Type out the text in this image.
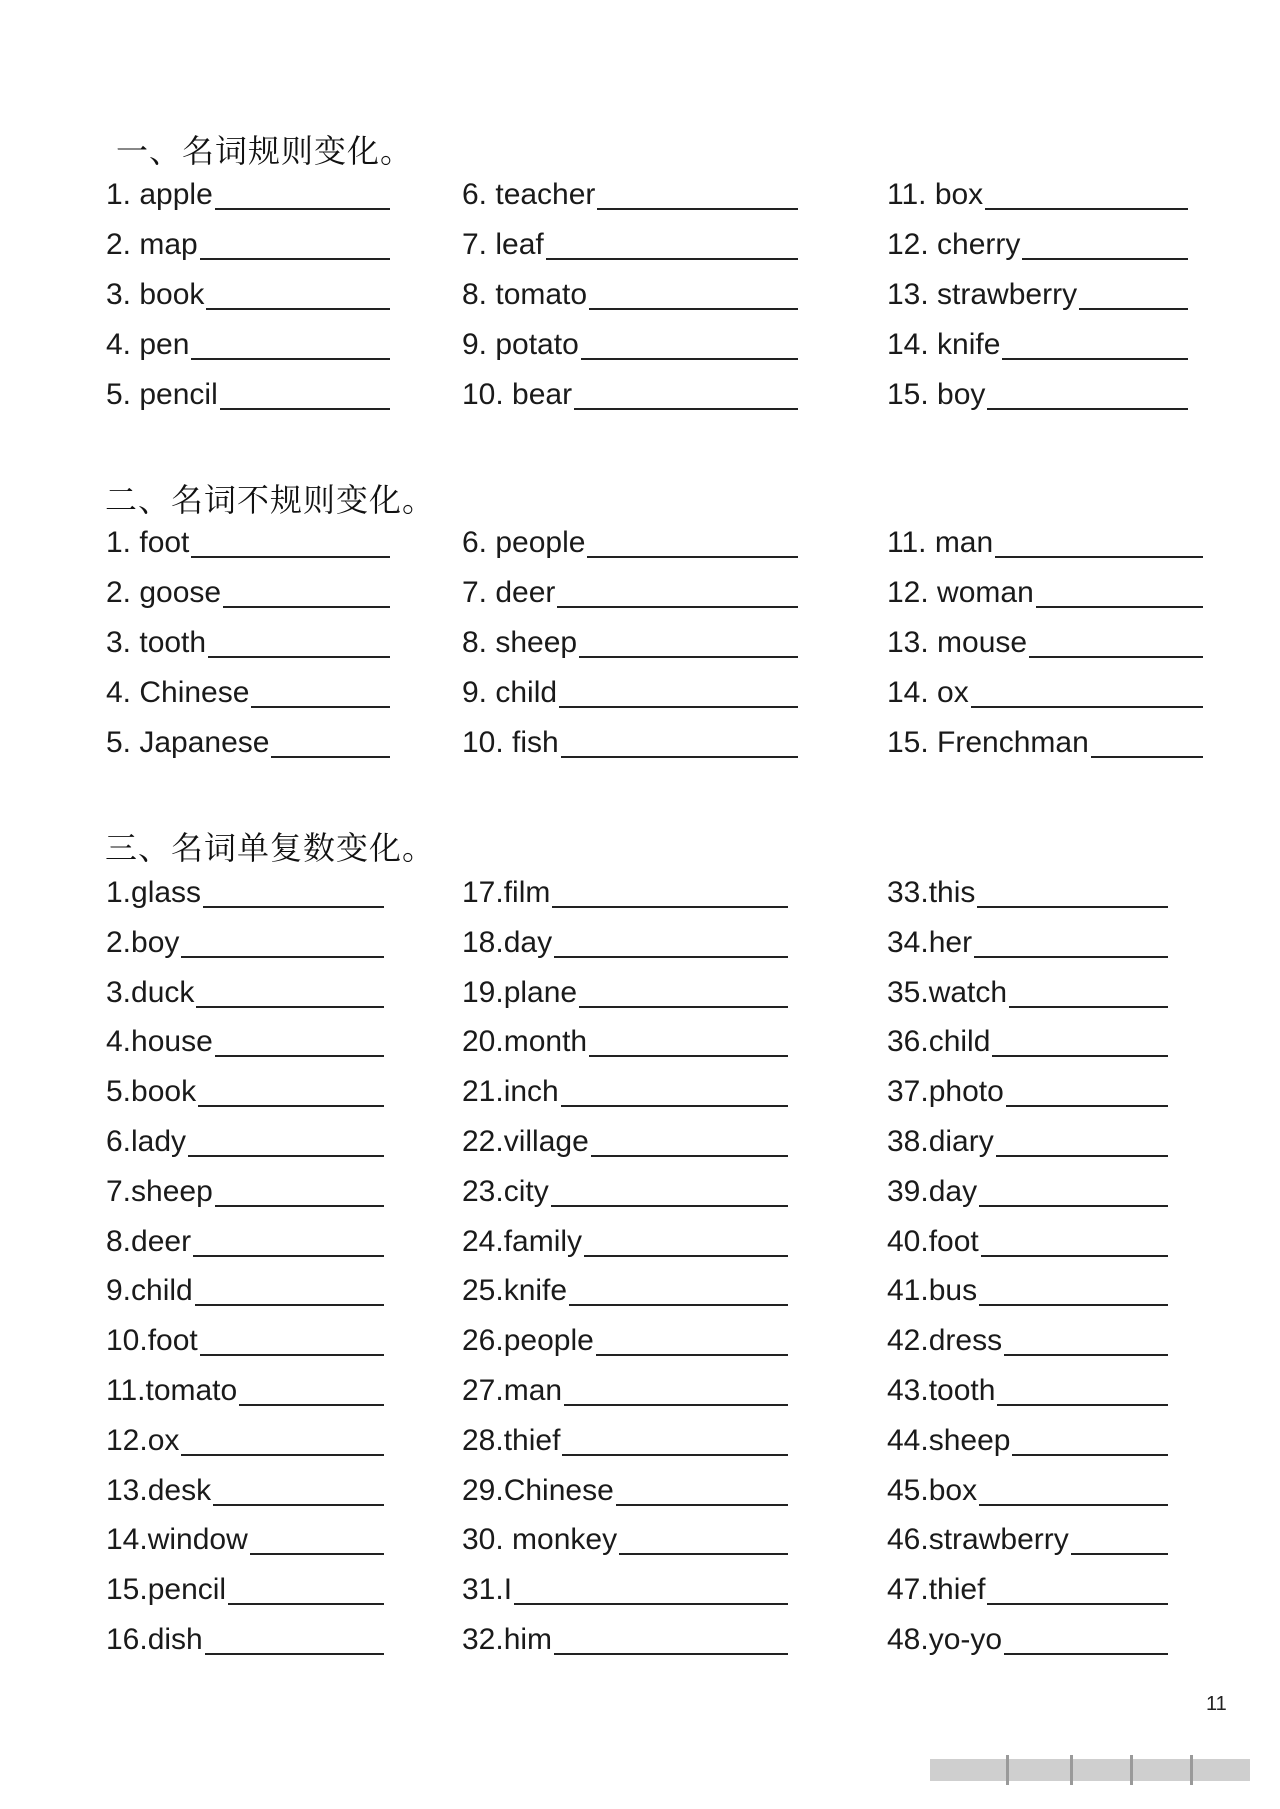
一、名词规则变化。
二、名词不规则变化。
三、名词单复数变化。
1. apple
2. map
3. book
4. pen
5. pencil
6. teacher
7. leaf
8. tomato
9. potato
10. bear
11. box
12. cherry
13. strawberry
14. knife
15. boy
1. foot
2. goose
3. tooth
4. Chinese
5. Japanese
6. people
7. deer
8. sheep
9. child
10. fish
11. man
12. woman
13. mouse
14. ox
15. Frenchman
1.glass
2.boy
3.duck
4.house
5.book
6.lady
7.sheep
8.deer
9.child
10.foot
11.tomato
12.ox
13.desk
14.window
15.pencil
16.dish
17.film
18.day
19.plane
20.month
21.inch
22.village
23.city
24.family
25.knife
26.people
27.man
28.thief
29.Chinese
30. monkey
31.I
32.him
33.this
34.her
35.watch
36.child
37.photo
38.diary
39.day
40.foot
41.bus
42.dress
43.tooth
44.sheep
45.box
46.strawberry
47.thief
48.yo-yo
11
